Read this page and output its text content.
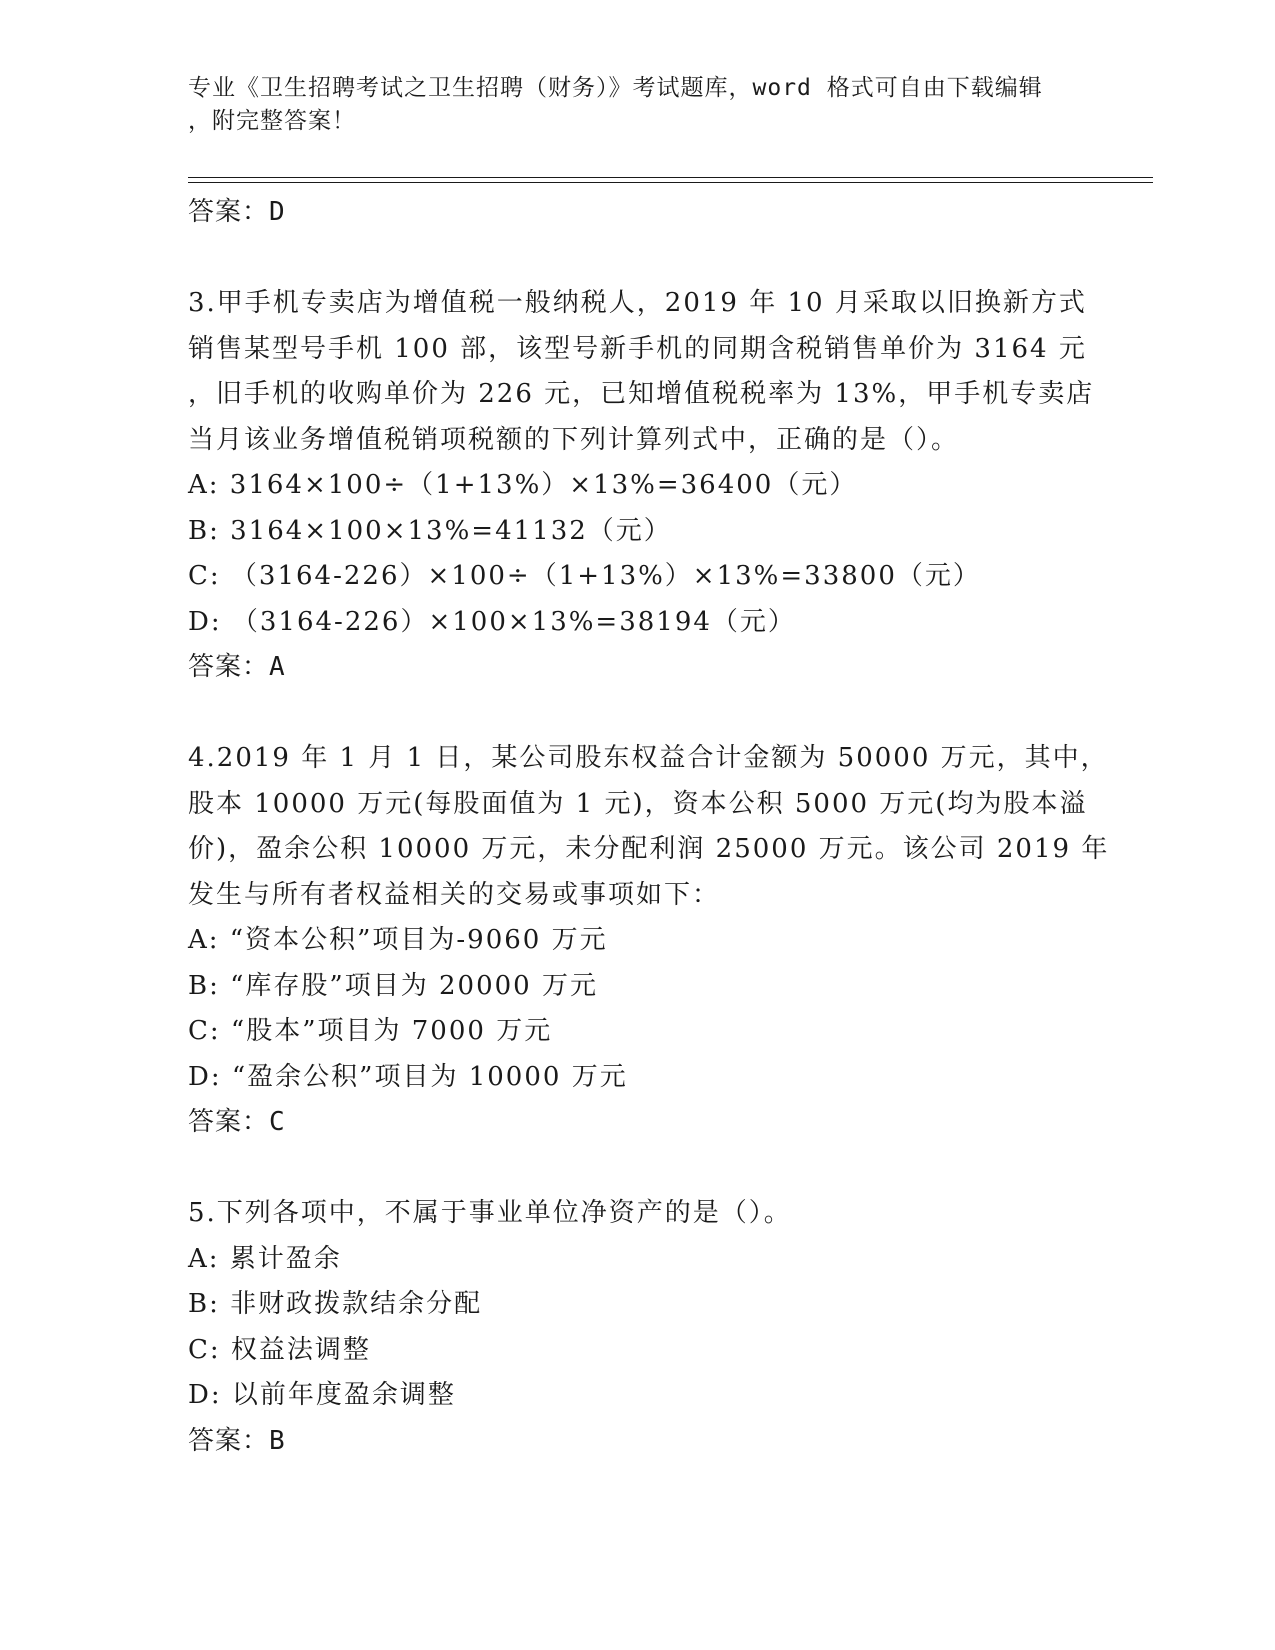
专业《卫生招聘考试之卫生招聘（财务）》考试题库，word 格式可自由下载编辑
，附完整答案！
答案：D
3.甲手机专卖店为增值税一般纳税人，2019 年 10 月采取以旧换新方式
销售某型号手机 100 部，该型号新手机的同期含税销售单价为 3164 元
，旧手机的收购单价为 226 元，已知增值税税率为 13%，甲手机专卖店
当月该业务增值税销项税额的下列计算列式中，正确的是（）。
A: 3164×100÷（1+13%）×13%=36400（元）
B: 3164×100×13%=41132（元）
C: （3164-226）×100÷（1+13%）×13%=33800（元）
D: （3164-226）×100×13%=38194（元）
答案：A
4.2019 年 1 月 1 日，某公司股东权益合计金额为 50000 万元，其中，
股本 10000 万元(每股面值为 1 元)，资本公积 5000 万元(均为股本溢
价)，盈余公积 10000 万元，未分配利润 25000 万元。该公司 2019 年
发生与所有者权益相关的交易或事项如下：
A: “资本公积”项目为-9060 万元
B: “库存股”项目为 20000 万元
C: “股本”项目为 7000 万元
D: “盈余公积”项目为 10000 万元
答案：C
5.下列各项中，不属于事业单位净资产的是（）。
A: 累计盈余
B: 非财政拨款结余分配
C: 权益法调整
D: 以前年度盈余调整
答案：B
